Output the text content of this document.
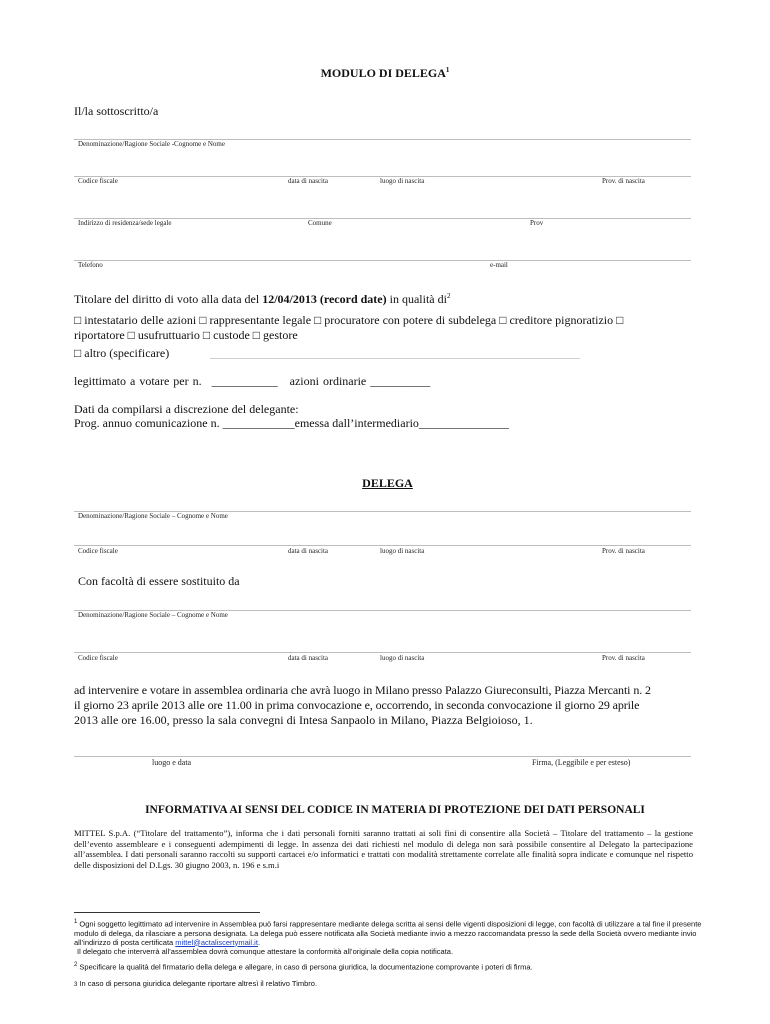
MODULO DI DELEGA$^1$
Il/la sottoscritto/a
Denominazione/Ragione Sociale -Cognome e Nome
Codice fiscale	data di nascita	luogo di nascita	Prov. di nascita
Indirizzo di residenza/sede legale	Comune	Prov
Telefono	e-mail
Titolare del diritto di voto alla data del 12/04/2013 (record date) in qualità $di^2$
□ intestatario delle azioni □ rappresentante legale □ procuratore con potere di subdelega □ creditore pignoratizio □
riportatore □ usufruttuario □ custode □ gestore
□ altro (specificare)
legittimato a votare per n. ___________ azioni ordinarie __________
Dati da compilarsi a discrezione del delegante:
Prog. annuo comunicazione n. ____________emessa dall’intermediario_______________
DELEGA
Denominazione/Ragione Sociale – Cognome e Nome
Codice fiscale	data di nascita	luogo di nascita	Prov. di nascita
Con facoltà di essere sostituito da
Denominazione/Ragione Sociale – Cognome e Nome
Codice fiscale	data di nascita	luogo di nascita	Prov. di nascita
ad intervenire e votare in assemblea ordinaria che avrà luogo in Milano presso Palazzo Giureconsulti, Piazza Mercanti n. 2
il giorno 23 aprile 2013 alle ore 11.00 in prima convocazione e, occorrendo, in seconda convocazione il giorno 29 aprile
2013 alle ore 16.00, presso la sala convegni di Intesa Sanpaolo in Milano, Piazza Belgioioso, 1.
luogo e data	Firma, (Leggibile e per esteso)
INFORMATIVA AI SENSI DEL CODICE IN MATERIA DI PROTEZIONE DEI DATI PERSONALI
MITTEL S.p.A. (“Titolare del trattamento”), informa che i dati personali forniti saranno trattati ai soli fini di consentire alla Società – Titolare del trattamento – la gestione dell’evento assembleare e i conseguenti adempimenti di legge. In assenza dei dati richiesti nel modulo di delega non sarà possibile consentire al Delegato la partecipazione all’assemblea. I dati personali saranno raccolti su supporti cartacei e/o informatici e trattati con modalità strettamente correlate alle finalità sopra indicate e comunque nel rispetto delle disposizioni del D.Lgs. 30 giugno 2003, n. 196 e s.m.i
$^1$ Ogni soggetto legittimato ad intervenire in Assemblea può farsi rappresentare mediante delega scritta ai sensi delle vigenti disposizioni di legge, con facoltà di utilizzare a tal fine il presente modulo di delega, da rilasciare a persona designata. La delega può essere notificata alla Società mediante invio a mezzo raccomandata presso la sede della Società ovvero mediante invio all’indirizzo di posta certificata mittel@actaliscertymail.it.
Il delegato che interverrà all’assemblea dovrà comunque attestare la conformità all’originale della copia notificata.
$^2$ Specificare la qualità del firmatario della delega e allegare, in caso di persona giuridica, la documentazione comprovante i poteri di firma.
3 In caso di persona giuridica delegante riportare altresì il relativo Timbro.
